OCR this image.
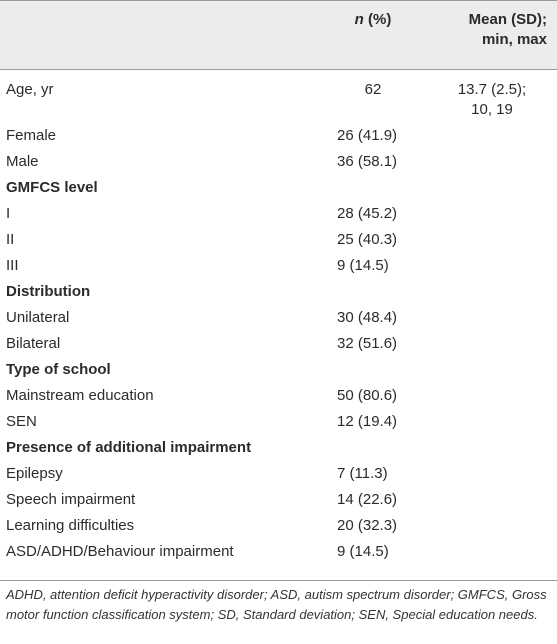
n (%)	Mean (SD);
min, max
Age, yr	62	13.7 (2.5);
10, 19
Female	26 (41.9)
Male	36 (58.1)
GMFCS level
I	28 (45.2)
II	25 (40.3)
III	9 (14.5)
Distribution
Unilateral	30 (48.4)
Bilateral	32 (51.6)
Type of school
Mainstream education	50 (80.6)
SEN	12 (19.4)
Presence of additional impairment
Epilepsy	7 (11.3)
Speech impairment	14 (22.6)
Learning difficulties	20 (32.3)
ASD/ADHD/Behaviour impairment	9 (14.5)
ADHD, attention deficit hyperactivity disorder; ASD, autism spectrum disorder; GMFCS, Gross motor function classification system; SD, Standard deviation; SEN, Special education needs.
